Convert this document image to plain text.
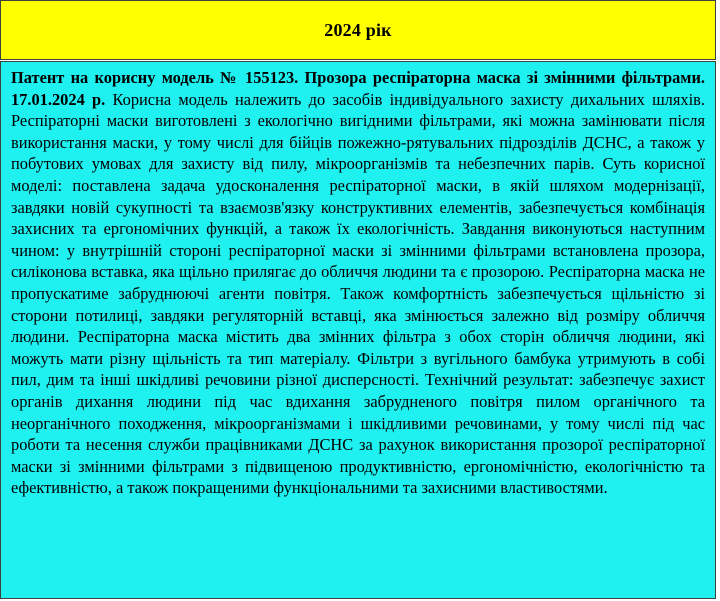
2024 рік

Патент на корисну модель № 155123. Прозора респіраторна маска зі змінними фільтрами. 17.01.2024 р. Корисна модель належить до засобів індивідуального захисту дихальних шляхів. Респіраторні маски виготовлені з екологічно вигідними фільтрами, які можна замінювати після використання маски, у тому числі для бійців пожежно-рятувальних підрозділів ДСНС, а також у побутових умовах для захисту від пилу, мікроорганізмів та небезпечних парів. Суть корисної моделі: поставлена задача удосконалення респіраторної маски, в якій шляхом модернізації, завдяки новій сукупності та взаємозв'язку конструктивних елементів, забезпечується комбінація захисних та ергономічних функцій, а також їх екологічність. Завдання виконуються наступним чином: у внутрішній стороні респіраторної маски зі змінними фільтрами встановлена прозора, силіконова вставка, яка щільно прилягає до обличчя людини та є прозорою. Респіраторна маска не пропускатиме забруднюючі агенти повітря. Також комфортність забезпечується щільністю зі сторони потилиці, завдяки регуляторній вставці, яка змінюється залежно від розміру обличчя людини. Респіраторна маска містить два змінних фільтра з обох сторін обличчя людини, які можуть мати різну щільність та тип матеріалу. Фільтри з вугільного бамбука утримують в собі пил, дим та інші шкідливі речовини різної дисперсності. Технічний результат: забезпечує захист органів дихання людини під час вдихання забрудненого повітря пилом органічного та неорганічного походження, мікроорганізмами і шкідливими речовинами, у тому числі під час роботи та несення служби працівниками ДСНС за рахунок використання прозорої респіраторної маски зі змінними фільтрами з підвищеною продуктивністю, ергономічністю, екологічністю та ефективністю, а також покращеними функціональними та захисними властивостями.
